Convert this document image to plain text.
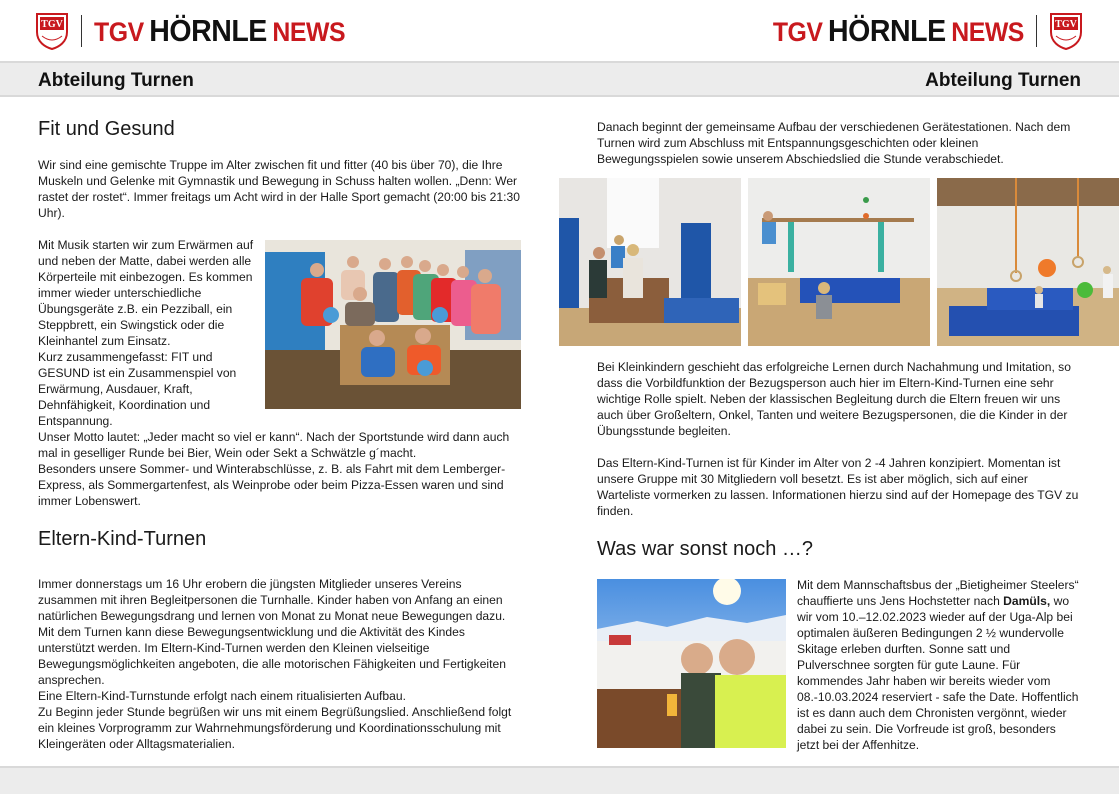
TGV TGV HÖRNLE NEWS	TGV
TGV HÖRNLE NEWS
Abteilung Turnen	Abteilung Turnen
Fit und Gesund

Wir sind eine gemischte Truppe im Alter zwischen fit und fitter (40 bis über 70), die Ihre Muskeln und Gelenke mit Gymnastik und Bewegung in Schuss halten wollen. „Denn: Wer rastet der rostet“. Immer freitags um Acht wird in der Halle Sport gemacht (20:00 bis 21:30 Uhr).

Mit Musik starten wir zum Erwärmen auf und neben der Matte, dabei werden alle Körperteile mit einbezogen. Es kommen immer wieder unterschiedliche Übungsgeräte z.B. ein Pezziball, ein Steppbrett, ein Swingstick oder die Kleinhantel zum Einsatz.

Kurz zusammengefasst: FIT und GESUND ist ein Zusammenspiel von Erwärmung, Ausdauer, Kraft, Dehnfähigkeit, Koordination und Entspannung.

Unser Motto lautet: „Jeder macht so viel er kann“. Nach der Sportstunde wird dann auch mal in geselliger Runde bei Bier, Wein oder Sekt a Schwätzle g´macht.

Besonders unsere Sommer- und Winterabschlüsse, z. B. als Fahrt mit dem Lemberger-Express, als Sommergartenfest, als Weinprobe oder beim Pizza-Essen waren und sind immer Lobenswert.

Eltern-Kind-Turnen

Immer donnerstags um 16 Uhr erobern die jüngsten Mitglieder unseres Vereins zusammen mit ihren Begleitpersonen die Turnhalle. Kinder haben von Anfang an einen natürlichen Bewegungsdrang und lernen von Monat zu Monat neue Bewegungen dazu. Mit dem Turnen kann diese Bewegungsentwicklung und die Aktivität des Kindes unterstützt werden. Im Eltern-Kind-Turnen werden den Kleinen vielseitige Bewegungsmöglichkeiten angeboten, die alle motorischen Fähigkeiten und Fertigkeiten ansprechen.

Eine Eltern-Kind-Turnstunde erfolgt nach einem ritualisierten Aufbau.

Zu Beginn jeder Stunde begrüßen wir uns mit einem Begrüßungslied. Anschließend folgt ein kleines Vorprogramm zur Wahrnehmungsförderung und Koordinationsschulung mit Kleingeräten oder Alltagsmaterialien.

Danach beginnt der gemeinsame Aufbau der verschiedenen Gerätestationen. Nach dem Turnen wird zum Abschluss mit Entspannungsgeschichten oder kleinen Bewegungsspielen sowie unserem Abschiedslied die Stunde verabschiedet.

Bei Kleinkindern geschieht das erfolgreiche Lernen durch Nachahmung und Imitation, so dass die Vorbildfunktion der Bezugsperson auch hier im Eltern-Kind-Turnen eine sehr wichtige Rolle spielt. Neben der klassischen Begleitung durch die Eltern freuen wir uns auch über Großeltern, Onkel, Tanten und weitere Bezugspersonen, die die Kinder in der Übungsstunde begleiten.

Das Eltern-Kind-Turnen ist für Kinder im Alter von 2 -4 Jahren konzipiert. Momentan ist unsere Gruppe mit 30 Mitgliedern voll besetzt. Es ist aber möglich, sich auf einer Warteliste vormerken zu lassen. Informationen hierzu sind auf der Homepage des TGV zu finden.

Was war sonst noch …?

Mit dem Mannschaftsbus der „Bietigheimer Steelers“ chauffierte uns Jens Hochstetter nach Damüls, wo wir vom 10.–12.02.2023 wieder auf der Uga-Alp bei optimalen äußeren Bedingungen 2 ½ wundervolle Skitage erleben durften. Sonne satt und Pulverschnee sorgten für gute Laune. Für kommendes Jahr haben wir bereits wieder vom 08.-10.03.2024 reserviert - safe the Date. Hoffentlich ist es dann auch dem Chronisten vergönnt, wieder dabei zu sein. Die Vorfreude ist groß, besonders jetzt bei der Affenhitze.
